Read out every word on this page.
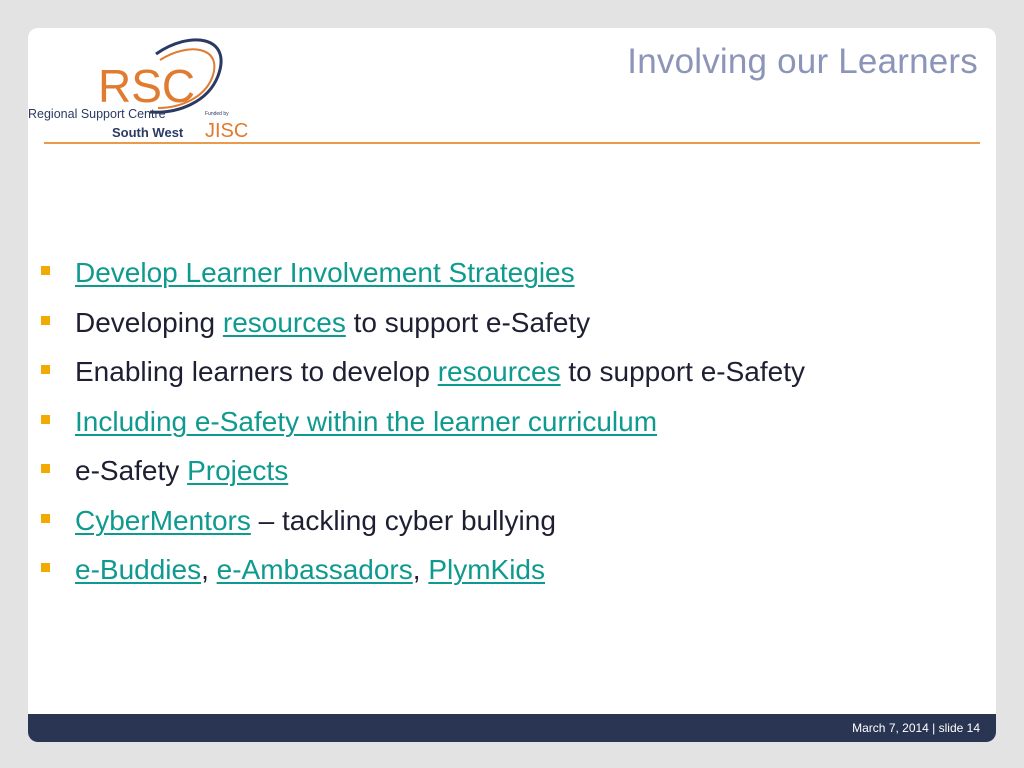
RSC
Regional Support Centre
South West
Funded by
JISC
Involving our Learners
Develop Learner Involvement Strategies
Developing resources to support e-Safety
Enabling learners to develop resources to support e-Safety
Including e-Safety within the learner curriculum
e-Safety Projects
CyberMentors – tackling cyber bullying
e-Buddies, e-Ambassadors, PlymKids
March 7, 2014 | slide 14
